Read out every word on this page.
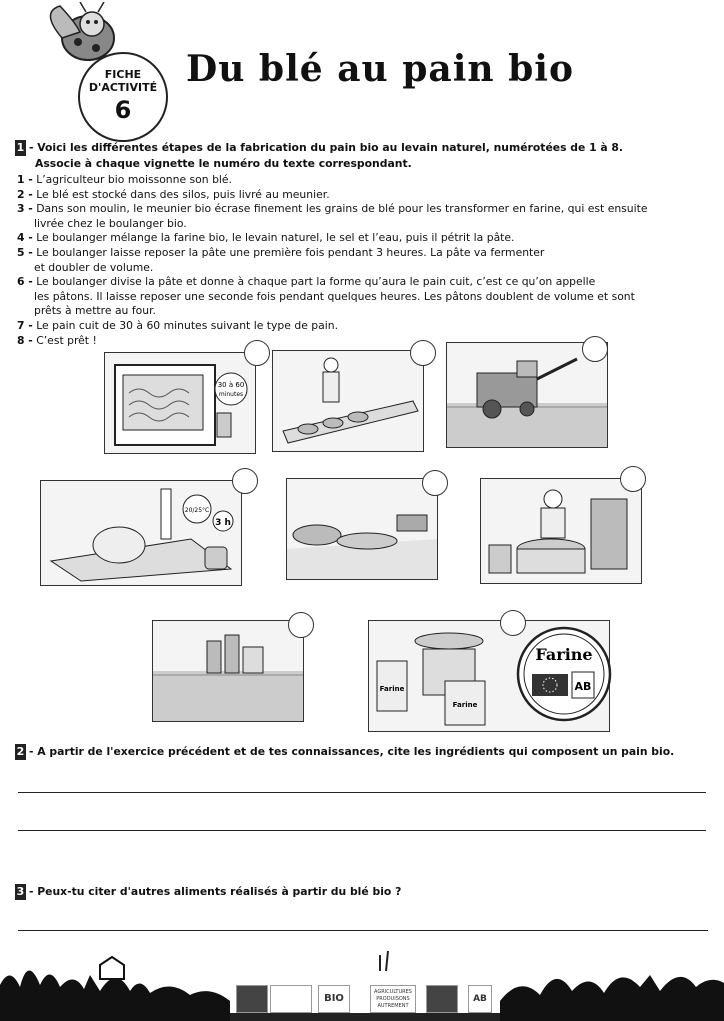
FICHE
D'ACTIVITÉ
6
Du blé au pain bio
1 - Voici les différentes étapes de la fabrication du pain bio au levain naturel, numérotées de 1 à 8.
Associe à chaque vignette le numéro du texte correspondant.
1 - L’agriculteur bio moissonne son blé.
2 - Le blé est stocké dans des silos, puis livré au meunier.
3 - Dans son moulin, le meunier bio écrase finement les grains de blé pour les transformer en farine, qui est ensuite
livrée chez le boulanger bio.
4 - Le boulanger mélange la farine bio, le levain naturel, le sel et l’eau, puis il pétrit la pâte.
5 - Le boulanger laisse reposer la pâte une première fois pendant 3 heures. La pâte va fermenter
et doubler de volume.
6 - Le boulanger divise la pâte et donne à chaque part la forme qu’aura le pain cuit, c’est ce qu’on appelle
les pâtons. Il laisse reposer une seconde fois pendant quelques heures. Les pâtons doublent de volume et sont
prêts à mettre au four.
7 - Le pain cuit de 30 à 60 minutes suivant le type de pain.
8 - C’est prêt !
30 à 60
minutes
20/25°C
3 h
Farine
Farine
Farine
AB
2 - A partir de l'exercice précédent et de tes connaissances, cite les ingrédients qui composent un pain bio.
3 - Peux-tu citer d'autres aliments réalisés à partir du blé bio ?
BIO
AGRICULTURES
PRODUISONS
AUTREMENT
AB
